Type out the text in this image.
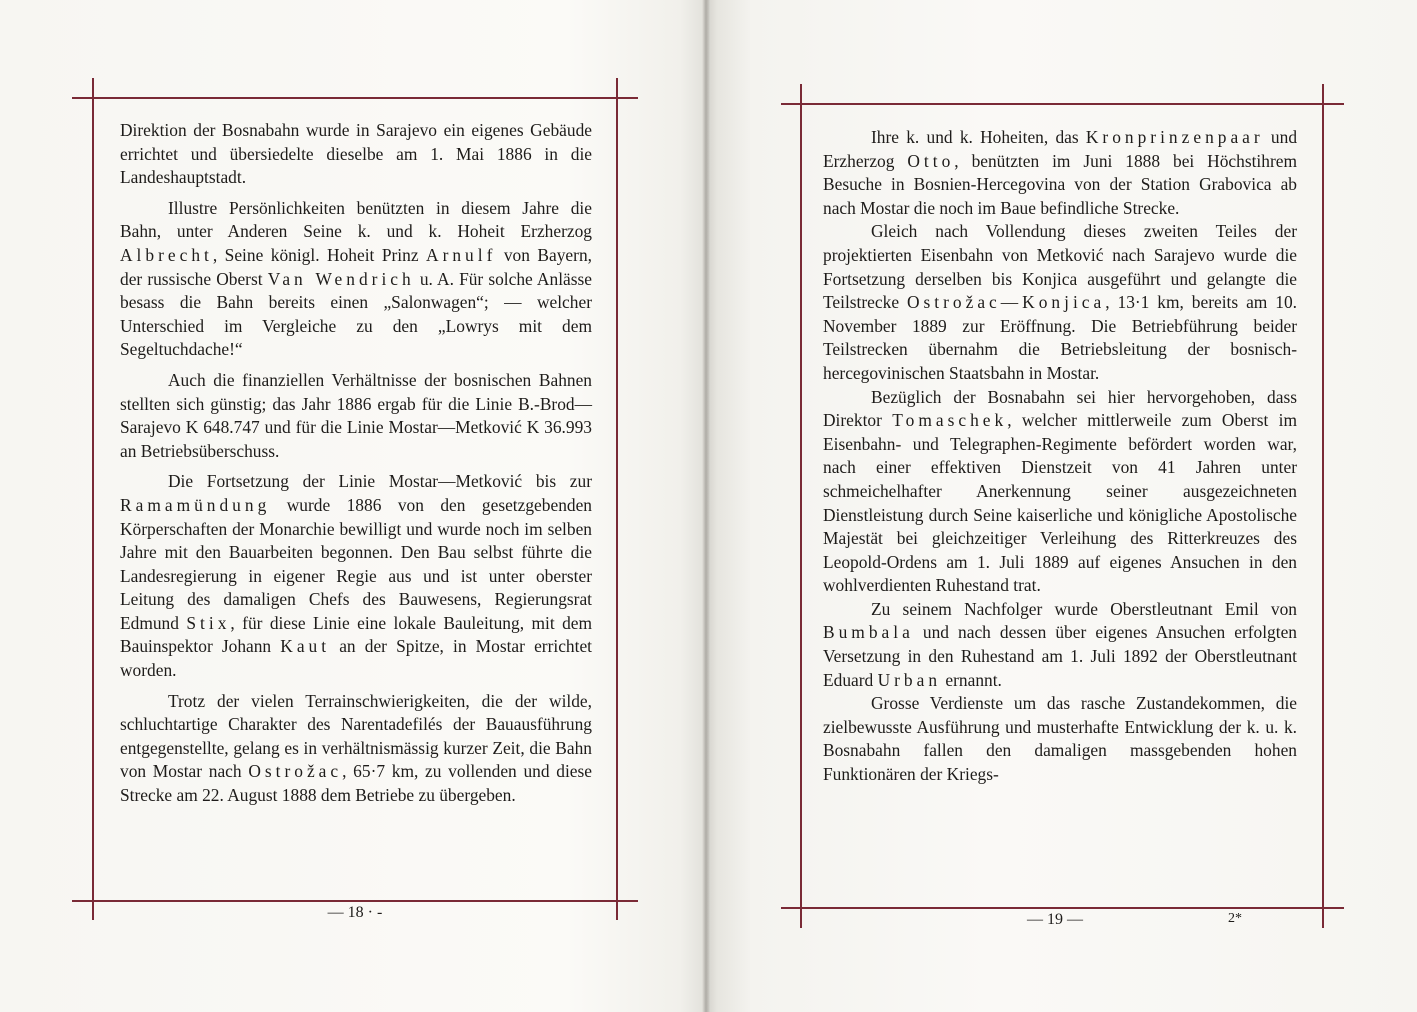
Direktion der Bosnabahn wurde in Sarajevo ein eigenes Gebäude errichtet und übersiedelte dieselbe am 1. Mai 1886 in die Landeshauptstadt.

Illustre Persönlichkeiten benützten in diesem Jahre die Bahn, unter Anderen Seine k. und k. Hoheit Erzherzog Albrecht, Seine königl. Hoheit Prinz Arnulf von Bayern, der russische Oberst Van Wendrich u. A. Für solche Anlässe besass die Bahn bereits einen „Salonwagen“; — welcher Unterschied im Vergleiche zu den „Lowrys mit dem Segeltuchdache!“

Auch die finanziellen Verhältnisse der bosnischen Bahnen stellten sich günstig; das Jahr 1886 ergab für die Linie B.-Brod—Sarajevo K 648.747 und für die Linie Mostar—Metković K 36.993 an Betriebsüberschuss.

Die Fortsetzung der Linie Mostar—Metković bis zur Ramamündung wurde 1886 von den gesetzgebenden Körperschaften der Monarchie bewilligt und wurde noch im selben Jahre mit den Bauarbeiten begonnen. Den Bau selbst führte die Landesregierung in eigener Regie aus und ist unter oberster Leitung des damaligen Chefs des Bauwesens, Regierungsrat Edmund Stix, für diese Linie eine lokale Bauleitung, mit dem Bauinspektor Johann Kaut an der Spitze, in Mostar errichtet worden.

Trotz der vielen Terrainschwierigkeiten, die der wilde, schluchtartige Charakter des Narentadefilés der Bauausführung entgegenstellte, gelang es in verhältnismässig kurzer Zeit, die Bahn von Mostar nach Ostrožac, 65·7 km, zu vollenden und diese Strecke am 22. August 1888 dem Betriebe zu übergeben.

— 18 · -

Ihre k. und k. Hoheiten, das Kronprinzenpaar und Erzherzog Otto, benützten im Juni 1888 bei Höchstihrem Besuche in Bosnien-Hercegovina von der Station Grabovica ab nach Mostar die noch im Baue befindliche Strecke.

Gleich nach Vollendung dieses zweiten Teiles der projektierten Eisenbahn von Metković nach Sarajevo wurde die Fortsetzung derselben bis Konjica ausgeführt und gelangte die Teilstrecke Ostrožac—Konjica, 13·1 km, bereits am 10. November 1889 zur Eröffnung. Die Betriebführung beider Teilstrecken übernahm die Betriebsleitung der bosnisch-hercegovinischen Staatsbahn in Mostar.

Bezüglich der Bosnabahn sei hier hervorgehoben, dass Direktor Tomaschek, welcher mittlerweile zum Oberst im Eisenbahn- und Telegraphen-Regimente befördert worden war, nach einer effektiven Dienstzeit von 41 Jahren unter schmeichelhafter Anerkennung seiner ausgezeichneten Dienstleistung durch Seine kaiserliche und königliche Apostolische Majestät bei gleichzeitiger Verleihung des Ritterkreuzes des Leopold-Ordens am 1. Juli 1889 auf eigenes Ansuchen in den wohlverdienten Ruhestand trat.

Zu seinem Nachfolger wurde Oberstleutnant Emil von Bumbala und nach dessen über eigenes Ansuchen erfolgten Versetzung in den Ruhestand am 1. Juli 1892 der Oberstleutnant Eduard Urban ernannt.

Grosse Verdienste um das rasche Zustandekommen, die zielbewusste Ausführung und musterhafte Entwicklung der k. u. k. Bosnabahn fallen den damaligen massgebenden hohen Funktionären der Kriegs-

— 19 —	2*
